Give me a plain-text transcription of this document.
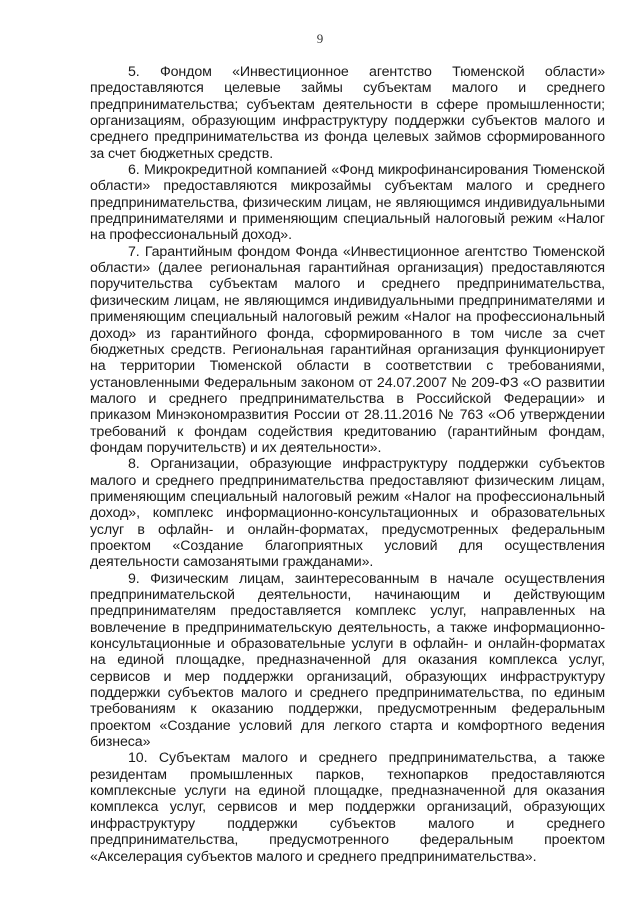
9

5. Фондом «Инвестиционное агентство Тюменской области» предоставляются целевые займы субъектам малого и среднего предпринимательства; субъектам деятельности в сфере промышленности; организациям, образующим инфраструктуру поддержки субъектов малого и среднего предпринимательства из фонда целевых займов сформированного за счет бюджетных средств.

6. Микрокредитной компанией «Фонд микрофинансирования Тюменской области» предоставляются микрозаймы субъектам малого и среднего предпринимательства, физическим лицам, не являющимся индивидуальными предпринимателями и применяющим специальный налоговый режим «Налог на профессиональный доход».

7. Гарантийным фондом Фонда «Инвестиционное агентство Тюменской области» (далее региональная гарантийная организация) предоставляются поручительства субъектам малого и среднего предпринимательства, физическим лицам, не являющимся индивидуальными предпринимателями и применяющим специальный налоговый режим «Налог на профессиональный доход» из гарантийного фонда, сформированного в том числе за счет бюджетных средств. Региональная гарантийная организация функционирует на территории Тюменской области в соответствии с требованиями, установленными Федеральным законом от 24.07.2007 № 209-ФЗ «О развитии малого и среднего предпринимательства в Российской Федерации» и приказом Минэкономразвития России от 28.11.2016 № 763 «Об утверждении требований к фондам содействия кредитованию (гарантийным фондам, фондам поручительств) и их деятельности».

8. Организации, образующие инфраструктуру поддержки субъектов малого и среднего предпринимательства предоставляют физическим лицам, применяющим специальный налоговый режим «Налог на профессиональный доход», комплекс информационно-консультационных и образовательных услуг в офлайн- и онлайн-форматах, предусмотренных федеральным проектом «Создание благоприятных условий для осуществления деятельности самозанятыми гражданами».

9. Физическим лицам, заинтересованным в начале осуществления предпринимательской деятельности, начинающим и действующим предпринимателям предоставляется комплекс услуг, направленных на вовлечение в предпринимательскую деятельность, а также информационно-консультационные и образовательные услуги в офлайн- и онлайн-форматах на единой площадке, предназначенной для оказания комплекса услуг, сервисов и мер поддержки организаций, образующих инфраструктуру поддержки субъектов малого и среднего предпринимательства, по единым требованиям к оказанию поддержки, предусмотренным федеральным проектом «Создание условий для легкого старта и комфортного ведения бизнеса»

10. Субъектам малого и среднего предпринимательства, а также резидентам промышленных парков, технопарков предоставляются комплексные услуги на единой площадке, предназначенной для оказания комплекса услуг, сервисов и мер поддержки организаций, образующих инфраструктуру поддержки субъектов малого и среднего предпринимательства, предусмотренного федеральным проектом «Акселерация субъектов малого и среднего предпринимательства».
